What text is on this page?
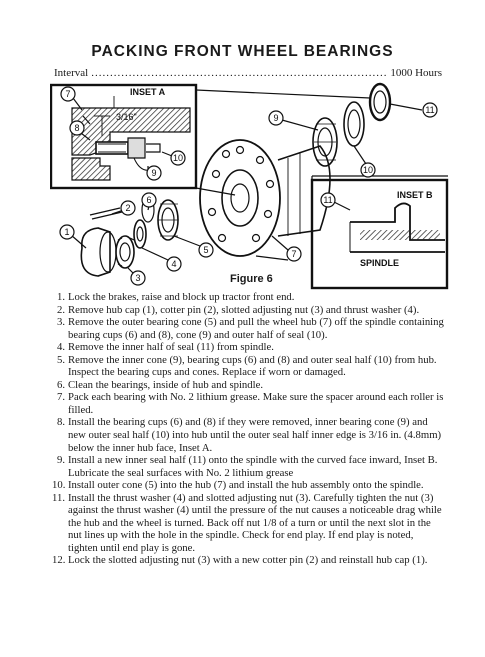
PACKING FRONT WHEEL BEARINGS
Interval
.....	1000 Hours
7
8
10
9
1
2
6
3
4
5	7
9
10
11
11
INSET A
3/16"
INSET B
SPINDLE
Figure 6
1. Lock the brakes, raise and block up tractor front end.
2. Remove hub cap (1), cotter pin (2), slotted adjusting nut (3) and thrust washer (4).
3. Remove the outer bearing cone (5) and pull the wheel hub (7) off the spindle containing bearing cups (6) and (8), cone (9) and outer half of seal (10).
4. Remove the inner half of seal (11) from spindle.
5. Remove the inner cone (9), bearing cups (6) and (8) and outer seal half (10) from hub. Inspect the bearing cups and cones. Replace if worn or damaged.
6. Clean the bearings, inside of hub and spindle.
7. Pack each bearing with No. 2 lithium grease. Make sure the spacer around each roller is filled.
8. Install the bearing cups (6) and (8) if they were removed, inner bearing cone (9) and new outer seal half (10) into hub until the outer seal half inner edge is 3/16 in. (4.8mm) below the inner hub face, Inset A.
9. Install a new inner seal half (11) onto the spindle with the curved face inward, Inset B. Lubricate the seal surfaces with No. 2 lithium grease
10. Install outer cone (5) into the hub (7) and install the hub assembly onto the spindle.
11. Install the thrust washer (4) and slotted adjusting nut (3). Carefully tighten the nut (3) against the thrust washer (4) until the pressure of the nut causes a noticeable drag while the hub and the wheel is turned. Back off nut 1/8 of a turn or until the next slot in the nut lines up with the hole in the spindle. Check for end play. If end play is noted, tighten until end play is gone.
12. Lock the slotted adjusting nut (3) with a new cotter pin (2) and reinstall hub cap (1).
